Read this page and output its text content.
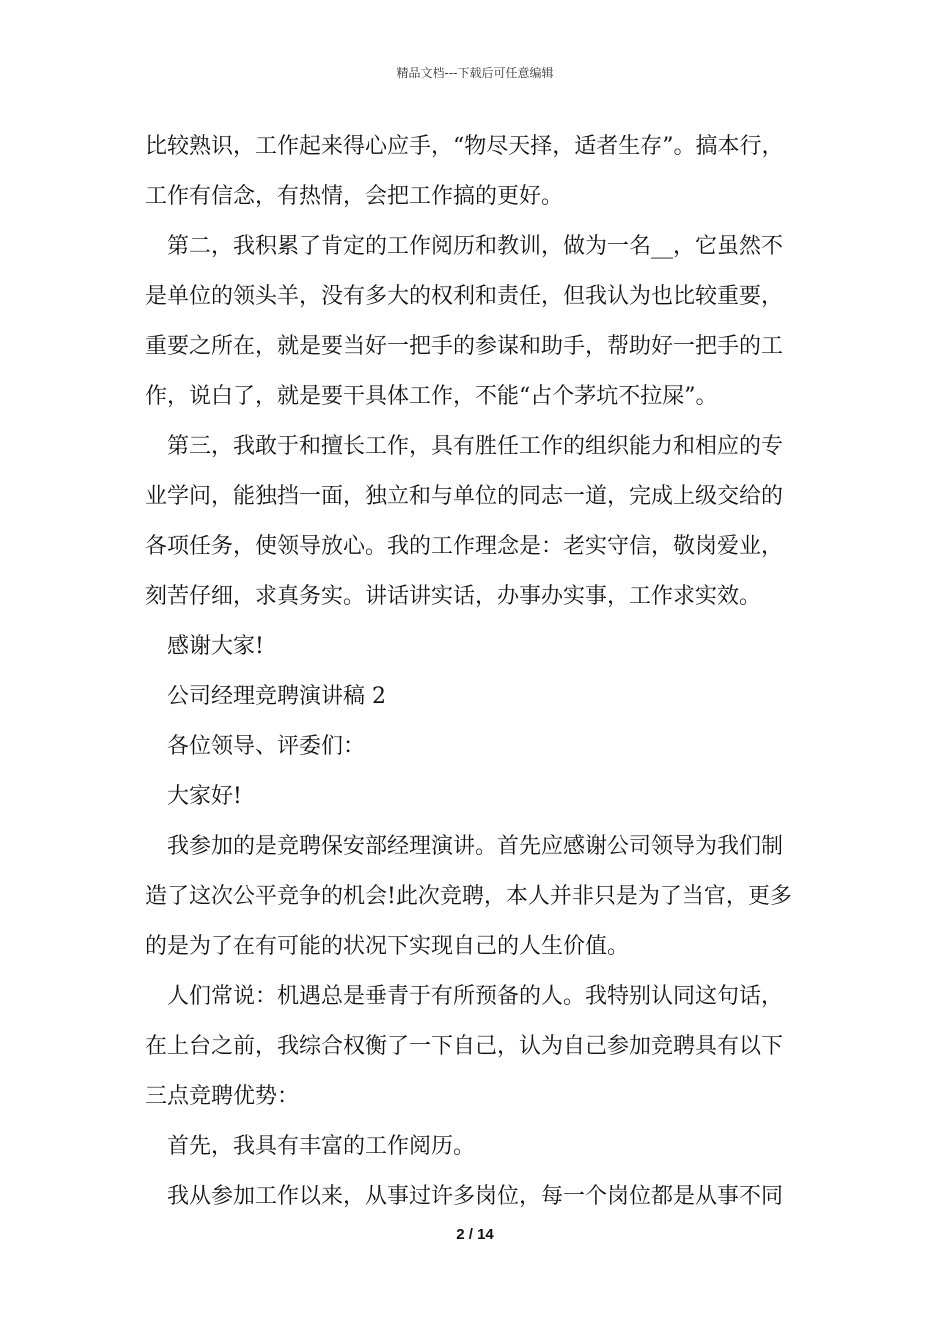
精品文档---下载后可任意编辑
比较熟识，工作起来得心应手，“物尽天择，适者生存”。搞本行，
工作有信念，有热情，会把工作搞的更好。
第二，我积累了肯定的工作阅历和教训，做为一名__，它虽然不
是单位的领头羊，没有多大的权利和责任，但我认为也比较重要，
重要之所在，就是要当好一把手的参谋和助手，帮助好一把手的工
作，说白了，就是要干具体工作，不能“占个茅坑不拉屎”。
第三，我敢于和擅长工作，具有胜任工作的组织能力和相应的专
业学问，能独挡一面，独立和与单位的同志一道，完成上级交给的
各项任务，使领导放心。我的工作理念是：老实守信，敬岗爱业，
刻苦仔细，求真务实。讲话讲实话，办事办实事，工作求实效。
感谢大家!
公司经理竞聘演讲稿 2
各位领导、评委们：
大家好!
我参加的是竞聘保安部经理演讲。首先应感谢公司领导为我们制
造了这次公平竞争的机会!此次竞聘，本人并非只是为了当官，更多
的是为了在有可能的状况下实现自己的人生价值。
人们常说：机遇总是垂青于有所预备的人。我特别认同这句话，
在上台之前，我综合权衡了一下自己，认为自己参加竞聘具有以下
三点竞聘优势：
首先，我具有丰富的工作阅历。
我从参加工作以来，从事过许多岗位，每一个岗位都是从事不同
2 / 14
